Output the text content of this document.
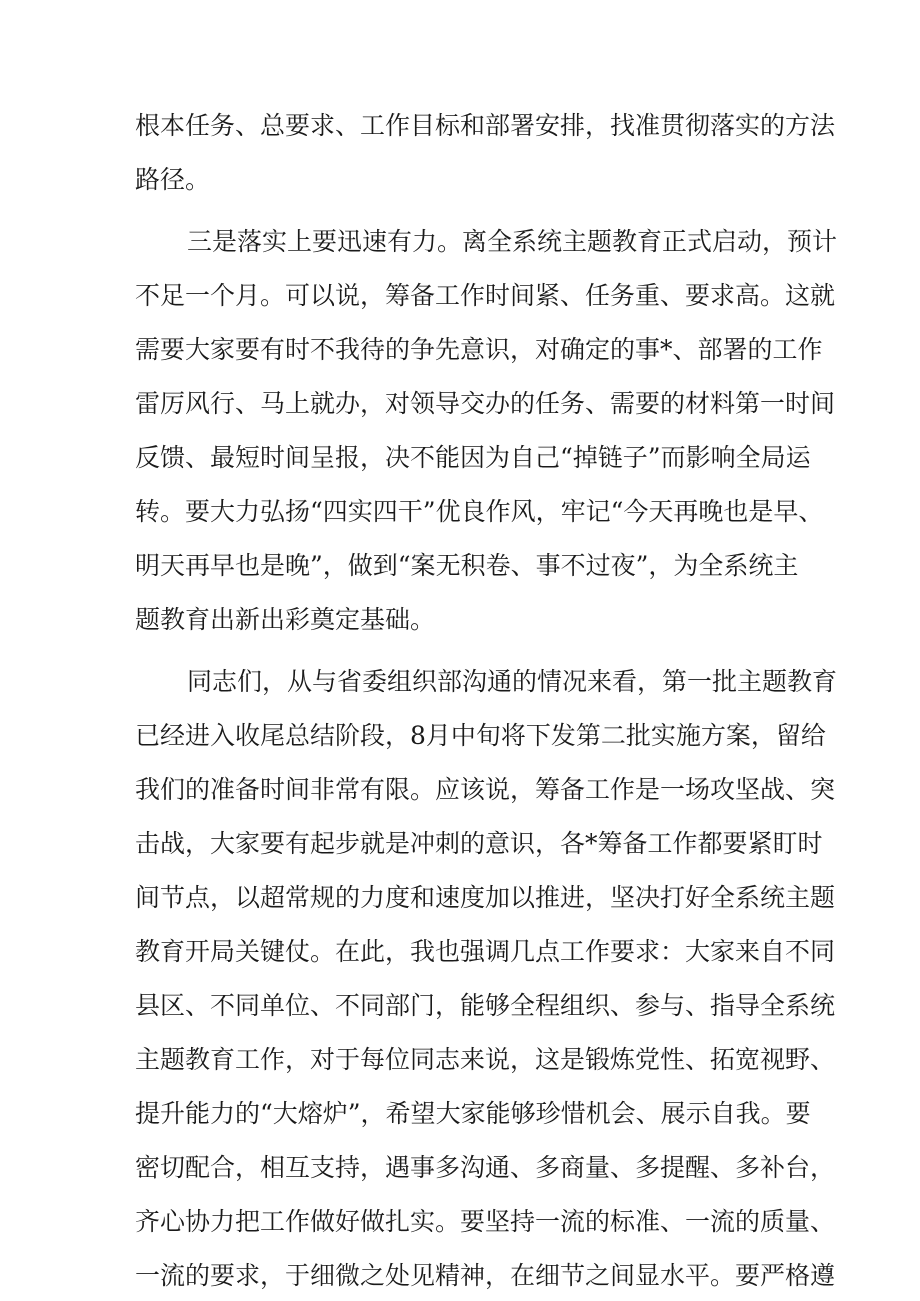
根本任务、总要求、工作目标和部署安排，找准贯彻落实的方法
路径。
三是落实上要迅速有力。离全系统主题教育正式启动，预计
不足一个月。可以说，筹备工作时间紧、任务重、要求高。这就
需要大家要有时不我待的争先意识，对确定的事*、部署的工作
雷厉风行、马上就办，对领导交办的任务、需要的材料第一时间
反馈、最短时间呈报，决不能因为自己“掉链子”而影响全局运
转。要大力弘扬“四实四干”优良作风，牢记“今天再晚也是早、
明天再早也是晚”，做到“案无积卷、事不过夜”，为全系统主
题教育出新出彩奠定基础。
同志们，从与省委组织部沟通的情况来看，第一批主题教育
已经进入收尾总结阶段，8月中旬将下发第二批实施方案，留给
我们的准备时间非常有限。应该说，筹备工作是一场攻坚战、突
击战，大家要有起步就是冲刺的意识，各*筹备工作都要紧盯时
间节点，以超常规的力度和速度加以推进，坚决打好全系统主题
教育开局关键仗。在此，我也强调几点工作要求：大家来自不同
县区、不同单位、不同部门，能够全程组织、参与、指导全系统
主题教育工作，对于每位同志来说，这是锻炼党性、拓宽视野、
提升能力的“大熔炉”，希望大家能够珍惜机会、展示自我。要
密切配合，相互支持，遇事多沟通、多商量、多提醒、多补台，
齐心协力把工作做好做扎实。要坚持一流的标准、一流的质量、
一流的要求，于细微之处见精神，在细节之间显水平。要严格遵
